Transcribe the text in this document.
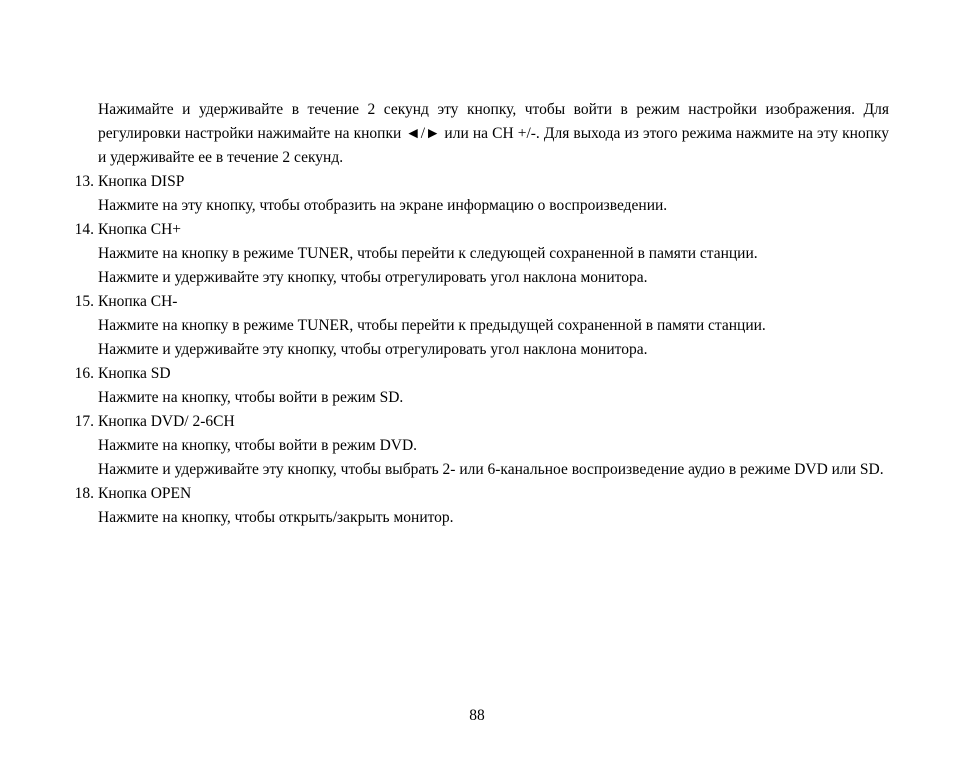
Нажимайте и удерживайте в течение 2 секунд эту кнопку, чтобы войти в режим настройки изображения. Для регулировки настройки нажимайте на кнопки ◄/► или на CH +/-. Для выхода из этого режима нажмите на эту кнопку и удерживайте ее в течение 2 секунд.

13. Кнопка DISP

Нажмите на эту кнопку, чтобы отобразить на экране информацию о воспроизведении.

14. Кнопка CH+

Нажмите на кнопку в режиме TUNER, чтобы перейти к следующей сохраненной в памяти станции.

Нажмите и удерживайте эту кнопку, чтобы отрегулировать угол наклона монитора.

15. Кнопка CH-

Нажмите на кнопку в режиме TUNER, чтобы перейти к предыдущей сохраненной в памяти станции.

Нажмите и удерживайте эту кнопку, чтобы отрегулировать угол наклона монитора.

16. Кнопка SD

Нажмите на кнопку, чтобы войти в режим SD.

17. Кнопка DVD/ 2-6CH

Нажмите на кнопку, чтобы войти в режим DVD.

Нажмите и удерживайте эту кнопку, чтобы выбрать 2- или 6-канальное воспроизведение аудио в режиме DVD или SD.

18. Кнопка OPEN

Нажмите на кнопку, чтобы открыть/закрыть монитор.

88
